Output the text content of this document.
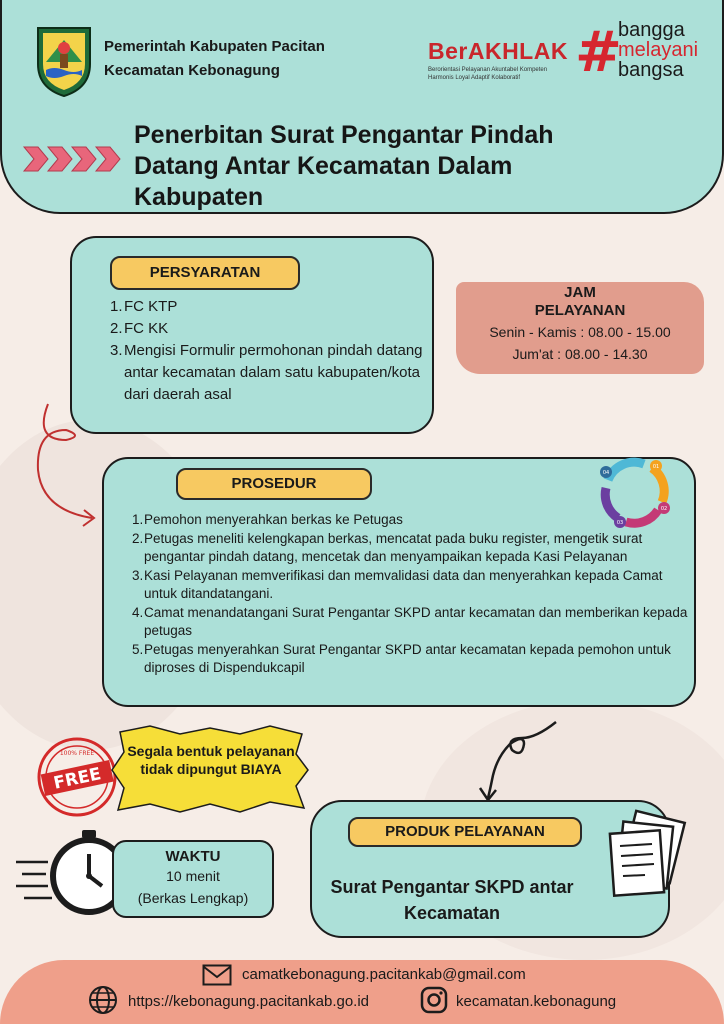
Pemerintah Kabupaten Pacitan
Kecamatan Kebonagung
BerAKHLAK
Berorientasi Pelayanan Akuntabel Kompeten
Harmonis Loyal Adaptif Kolaboratif #
bangga
melayani
bangsa
Penerbitan Surat Pengantar Pindah Datang Antar Kecamatan Dalam Kabupaten
PERSYARATAN
1. FC KTP
2. FC KK
3. Mengisi Formulir permohonan pindah datang antar kecamatan dalam satu kabupaten/kota dari daerah asal
JAM PELAYANAN
Senin - Kamis : 08.00 - 15.00
Jum'at : 08.00 - 14.30
PROSEDUR
04
01
02
03
1. Pemohon menyerahkan berkas ke Petugas
2. Petugas meneliti kelengkapan berkas, mencatat pada buku register, mengetik surat pengantar pindah datang, mencetak dan menyampaikan kepada Kasi Pelayanan
3. Kasi Pelayanan memverifikasi dan memvalidasi data dan menyerahkan kepada Camat untuk ditandatangani.
4. Camat menandatangani Surat Pengantar SKPD antar kecamatan dan memberikan kepada petugas
5. Petugas menyerahkan Surat Pengantar SKPD antar kecamatan kepada pemohon untuk diproses di Dispendukcapil
FREE
100% FREE	Segala bentuk pelayanan tidak dipungut BIAYA
PRODUK PELAYANAN
Surat Pengantar SKPD antar Kecamatan
WAKTU
10 menit
(Berkas Lengkap)
camatkebonagung.pacitankab@gmail.com
https://kebonagung.pacitankab.go.id	kecamatan.kebonagung
